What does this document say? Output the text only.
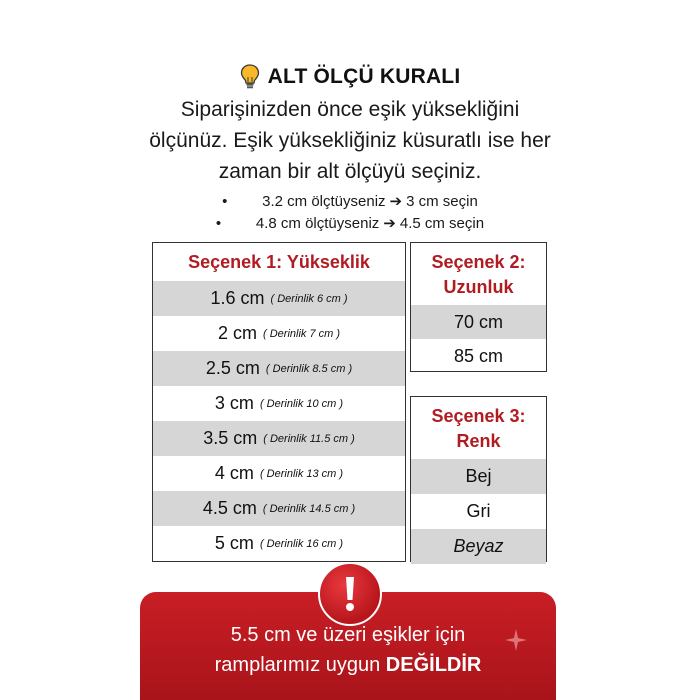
ALT ÖLÇÜ KURALI
Siparişinizden önce eşik yüksekliğini
ölçünüz. Eşik yüksekliğiniz küsuratlı ise her
zaman bir alt ölçüyü seçiniz.
•	3.2 cm ölçtüyseniz ➔ 3 cm seçin
•	4.8 cm ölçtüyseniz ➔ 4.5 cm seçin
Seçenek 1: Yükseklik
1.6 cm ( Derinlik 6 cm )
2 cm ( Derinlik 7 cm )
2.5 cm ( Derinlik 8.5 cm )
3 cm ( Derinlik 10 cm )
3.5 cm ( Derinlik 11.5 cm )
4 cm ( Derinlik 13 cm )
4.5 cm ( Derinlik 14.5 cm )
5 cm ( Derinlik 16 cm )
Seçenek 2:
Uzunluk
70 cm
85 cm
Seçenek 3:
Renk
Bej
Gri
Beyaz
5.5 cm ve üzeri eşikler için
ramplarımız uygun DEĞİLDİR
